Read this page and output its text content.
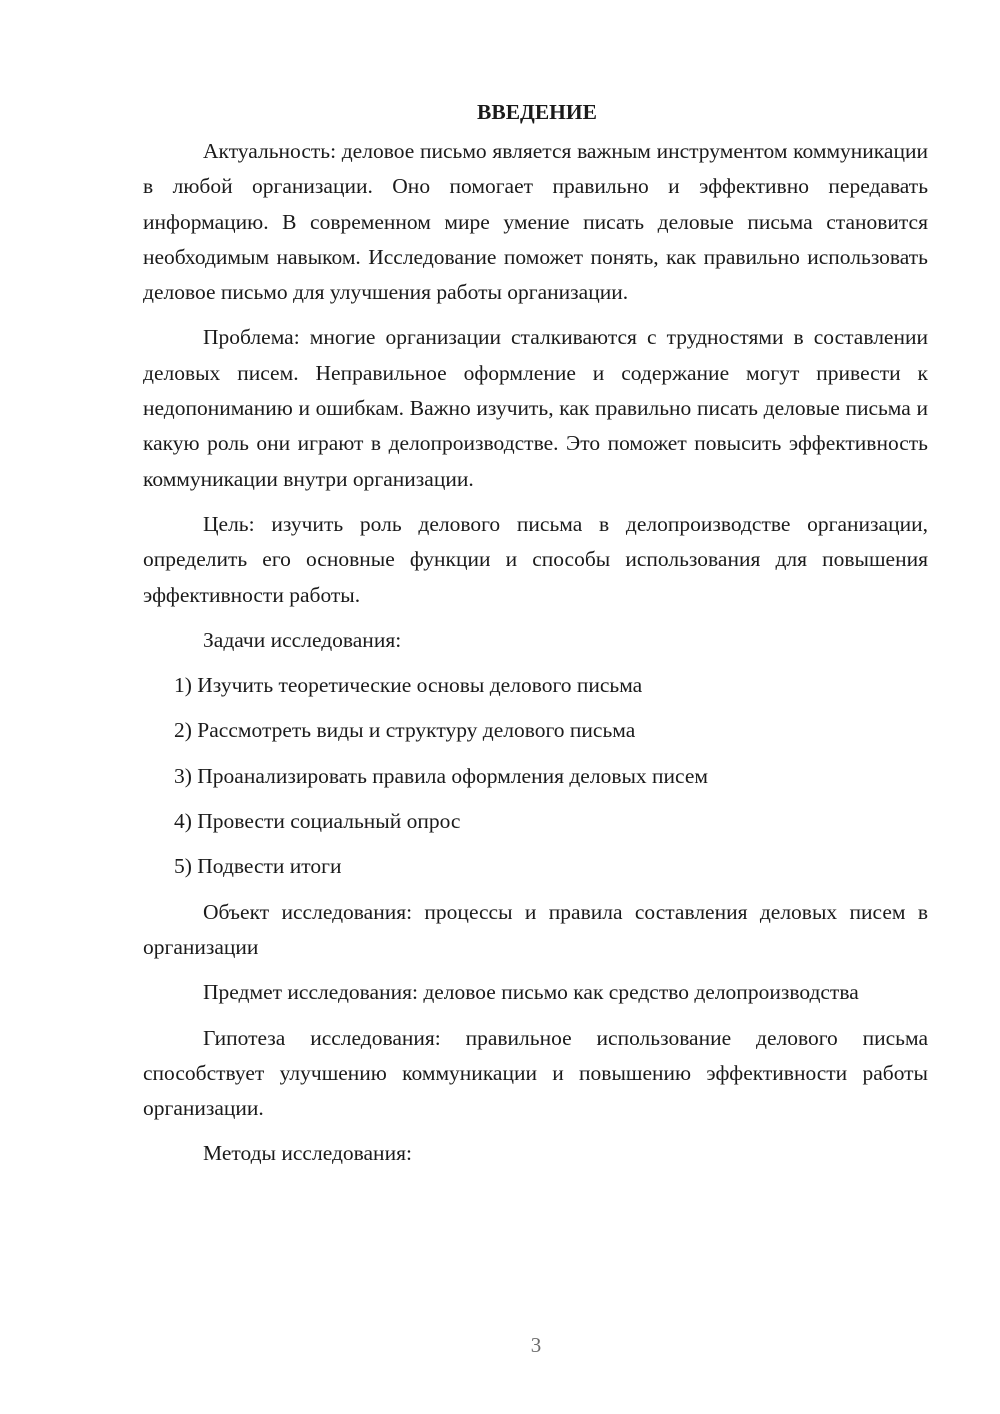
ВВЕДЕНИЕ

Актуальность: деловое письмо является важным инструментом коммуникации в любой организации. Оно помогает правильно и эффективно передавать информацию. В современном мире умение писать деловые письма становится необходимым навыком. Исследование поможет понять, как правильно использовать деловое письмо для улучшения работы организации.

Проблема: многие организации сталкиваются с трудностями в составлении деловых писем. Неправильное оформление и содержание могут привести к недопониманию и ошибкам. Важно изучить, как правильно писать деловые письма и какую роль они играют в делопроизводстве. Это поможет повысить эффективность коммуникации внутри организации.

Цель: изучить роль делового письма в делопроизводстве организации, определить его основные функции и способы использования для повышения эффективности работы.

Задачи исследования:

1) Изучить теоретические основы делового письма
2) Рассмотреть виды и структуру делового письма
3) Проанализировать правила оформления деловых писем
4) Провести социальный опрос
5) Подвести итоги

Объект исследования: процессы и правила составления деловых писем в организации

Предмет исследования: деловое письмо как средство делопроизводства

Гипотеза исследования: правильное использование делового письма способствует улучшению коммуникации и повышению эффективности работы организации.

Методы исследования:

3
